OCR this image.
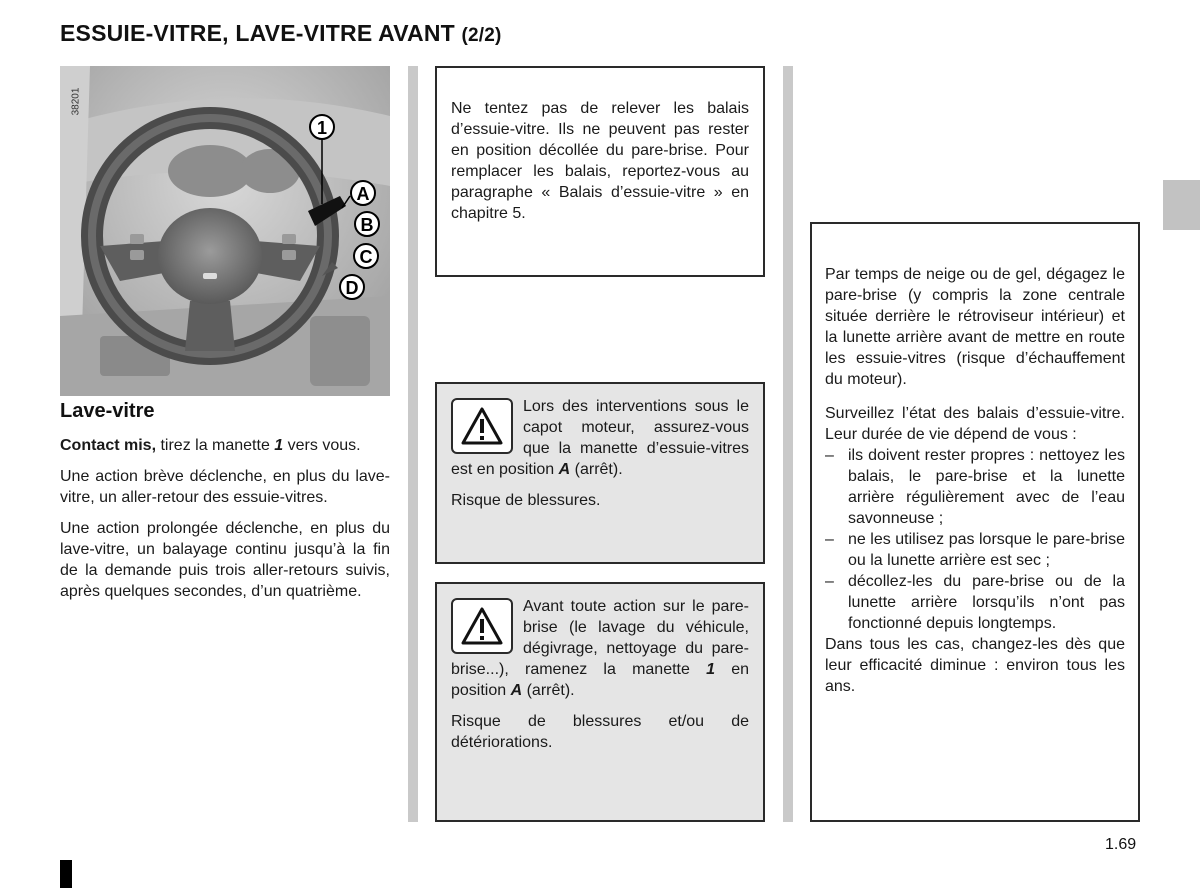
ESSUIE-VITRE, LAVE-VITRE AVANT (2/2)
1
A
B
C
D
38201
Lave-vitre

Contact mis, tirez la manette 1 vers vous.

Une action brève déclenche, en plus du lave-vitre, un aller-retour des essuie-vitres.

Une action prolongée déclenche, en plus du lave-vitre, un balayage continu jusqu’à la fin de la demande puis trois aller-retours suivis, après quelques secondes, d’un quatrième.

Ne tentez pas de relever les balais d’essuie-vitre. Ils ne peuvent pas rester en position décollée du pare-brise. Pour remplacer les balais, reportez-vous au paragraphe « Balais d’essuie-vitre » en chapitre 5.

Lors des interventions sous le capot moteur, assurez-vous que la manette d’essuie-vitres est en position A (arrêt).

Risque de blessures.

Avant toute action sur le pare-brise (le lavage du véhicule, dégivrage, nettoyage du pare-brise...), ramenez la manette 1 en position A (arrêt).

Risque de blessures et/ou de détériorations.

Par temps de neige ou de gel, dégagez le pare-brise (y compris la zone centrale située derrière le rétroviseur intérieur) et la lunette arrière avant de mettre en route les essuie-vitres (risque d’échauffement du moteur).

Surveillez l’état des balais d’essuie-vitre. Leur durée de vie dépend de vous :

– ils doivent rester propres : nettoyez les balais, le pare-brise et la lunette arrière régulièrement avec de l’eau savonneuse ;
– ne les utilisez pas lorsque le pare-brise ou la lunette arrière est sec ;
– décollez-les du pare-brise ou de la lunette arrière lorsqu’ils n’ont pas fonctionné depuis longtemps.

Dans tous les cas, changez-les dès que leur efficacité diminue : environ tous les ans.

1.69
